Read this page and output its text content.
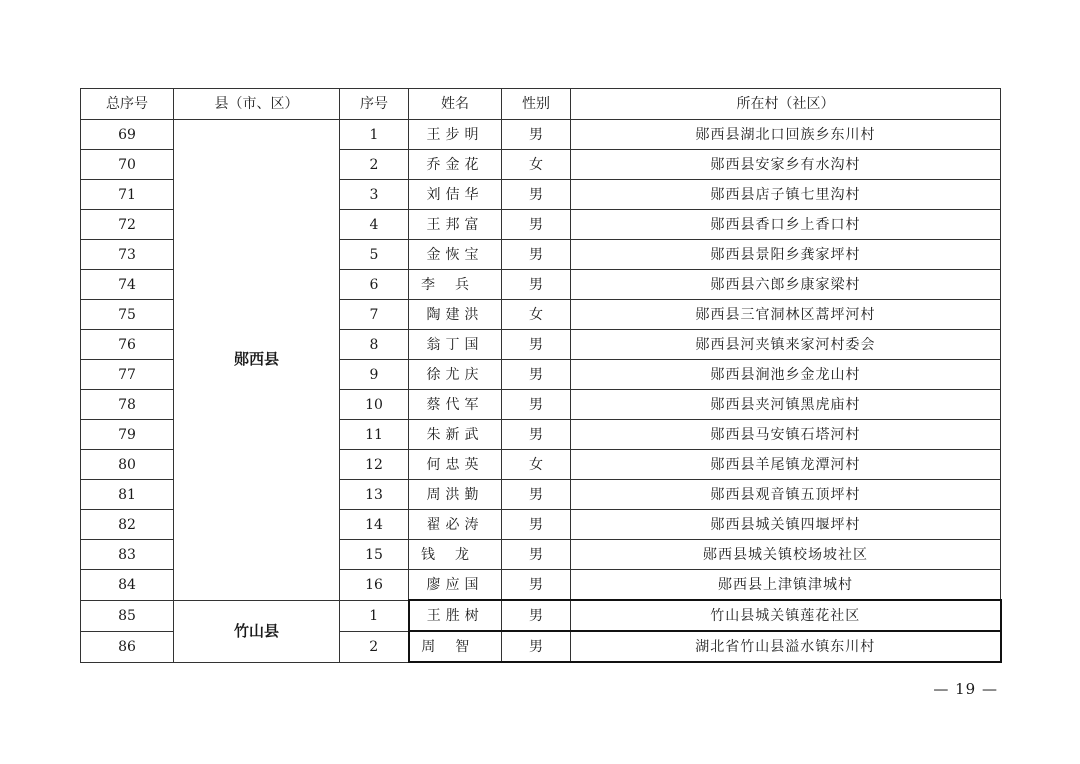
总序号	县（市、区）	序号	姓名	性别	所在村（社区）
69	郧西县	1	王步明	男	郧西县湖北口回族乡东川村
70		2	乔金花	女	郧西县安家乡有水沟村
71		3	刘佶华	男	郧西县店子镇七里沟村
72		4	王邦富	男	郧西县香口乡上香口村
73		5	金恢宝	男	郧西县景阳乡龚家坪村
74		6	李兵	男	郧西县六郎乡康家梁村
75		7	陶建洪	女	郧西县三官洞林区蒿坪河村
76		8	翁丁国	男	郧西县河夹镇来家河村委会
77		9	徐尤庆	男	郧西县涧池乡金龙山村
78		10	蔡代军	男	郧西县夹河镇黑虎庙村
79		11	朱新武	男	郧西县马安镇石塔河村
80		12	何忠英	女	郧西县羊尾镇龙潭河村
81		13	周洪勤	男	郧西县观音镇五顶坪村
82		14	翟必涛	男	郧西县城关镇四堰坪村
83		15	钱龙	男	郧西县城关镇校场坡社区
84		16	廖应国	男	郧西县上津镇津城村
85	竹山县	1	王胜树	男	竹山县城关镇莲花社区
86		2	周智	男	湖北省竹山县溢水镇东川村
— 19 —
